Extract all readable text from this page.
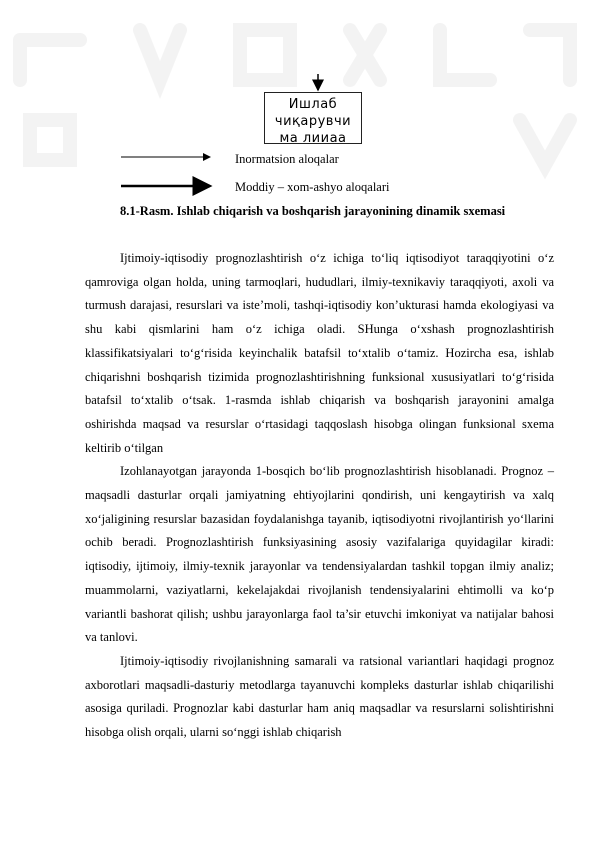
Ишлаб
чиқарувчи
ма лииаа
Inormatsion aloqalar
Moddiy – xom-ashyo aloqalari
8.1-Rasm. Ishlab chiqarish va boshqarish jarayonining dinamik sxemasi

Ijtimoiy-iqtisodiy prognozlashtirish o‘z ichiga to‘liq iqtisodiyot taraqqiyotini o‘z qamroviga olgan holda, uning tarmoqlari, hududlari, ilmiy-texnikaviy taraqqiyoti, axoli va turmush darajasi, resurslari va iste’moli, tashqi-iqtisodiy kon’ukturasi hamda ekologiyasi va shu kabi qismlarini ham o‘z ichiga oladi. SHunga o‘xshash prognozlashtirish klassifikatsiyalari to‘g‘risida keyinchalik batafsil to‘xtalib o‘tamiz. Hozircha esa, ishlab chiqarishni boshqarish tizimida prognozlashtirishning funksional xususiyatlari to‘g‘risida batafsil to‘xtalib o‘tsak. 1-rasmda ishlab chiqarish va boshqarish jarayonini amalga oshirishda maqsad va resurslar o‘rtasidagi taqqoslash hisobga olingan funksional sxema keltirib o‘tilgan

Izohlanayotgan jarayonda 1-bosqich bo‘lib prognozlashtirish hisoblanadi. Prognoz – maqsadli dasturlar orqali jamiyatning ehtiyojlarini qondirish, uni kengaytirish va xalq xo‘jaligining resurslar bazasidan foydalanishga tayanib, iqtisodiyotni rivojlantirish yo‘llarini ochib beradi. Prognozlashtirish funksiyasining asosiy vazifalariga quyidagilar kiradi: iqtisodiy, ijtimoiy, ilmiy-texnik jarayonlar va tendensiyalardan tashkil topgan ilmiy analiz; muammolarni, vaziyatlarni, kekelajakdai rivojlanish tendensiyalarini ehtimolli va ko‘p variantli bashorat qilish; ushbu jarayonlarga faol ta’sir etuvchi imkoniyat va natijalar bahosi va tanlovi.

Ijtimoiy-iqtisodiy rivojlanishning samarali va ratsional variantlari haqidagi prognoz axborotlari maqsadli-dasturiy metodlarga tayanuvchi kompleks dasturlar ishlab chiqarilishi asosiga quriladi. Prognozlar kabi dasturlar ham aniq maqsadlar va resurslarni solishtirishni hisobga olish orqali, ularni so‘nggi ishlab chiqarish
